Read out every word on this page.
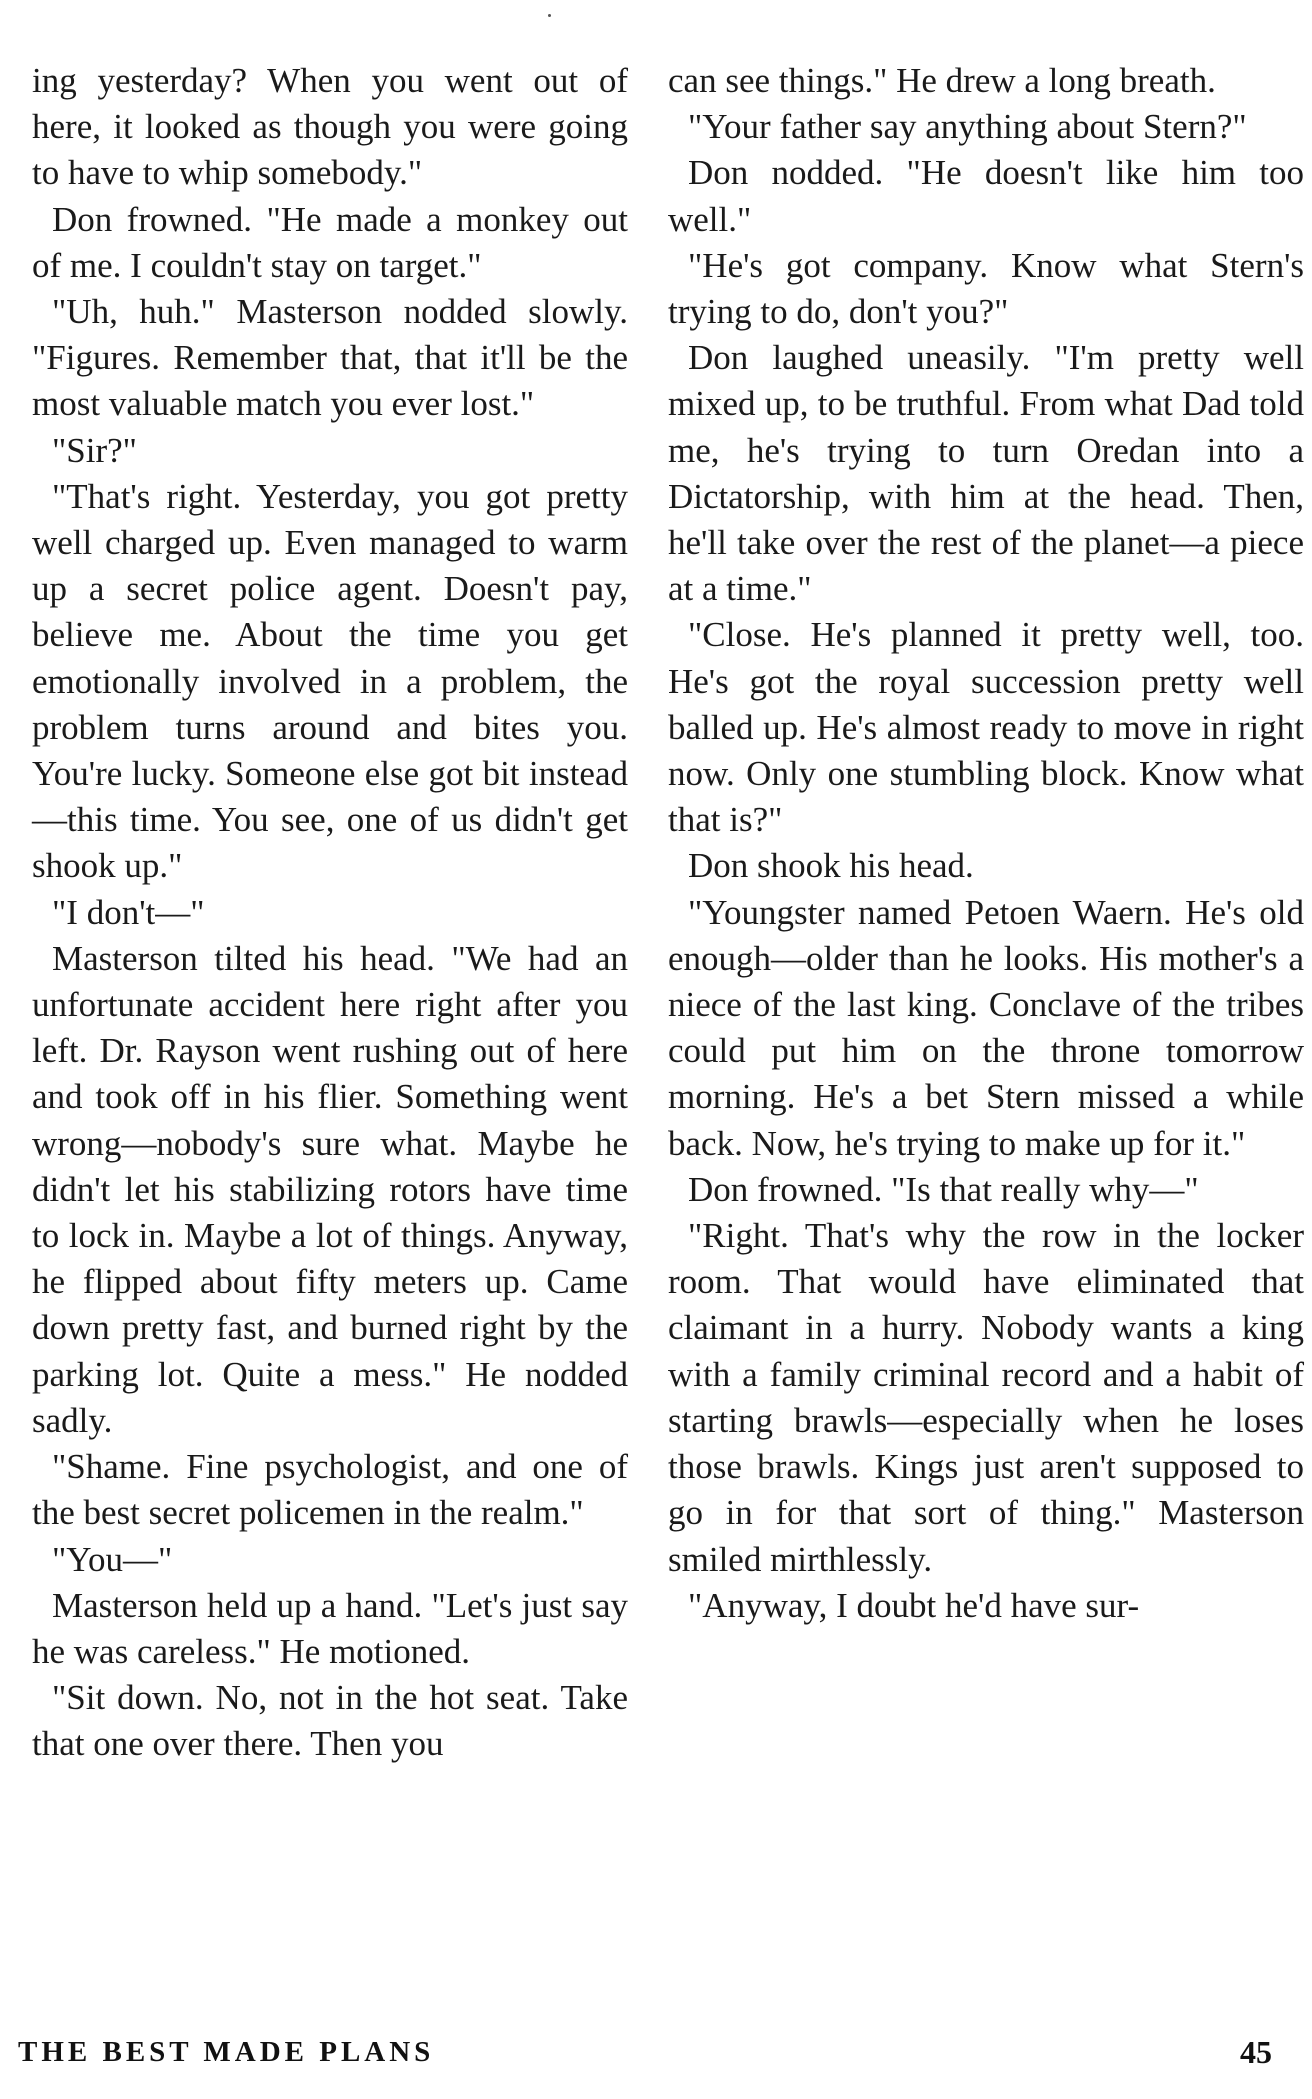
ing yesterday? When you went out of here, it looked as though you were going to have to whip somebody."

Don frowned. "He made a monkey out of me. I couldn't stay on target."

"Uh, huh." Masterson nodded slowly. "Figures. Remember that, that it'll be the most valuable match you ever lost."

"Sir?"

"That's right. Yesterday, you got pretty well charged up. Even managed to warm up a secret police agent. Doesn't pay, believe me. About the time you get emotionally involved in a problem, the problem turns around and bites you. You're lucky. Someone else got bit instead—this time. You see, one of us didn't get shook up."

"I don't—"

Masterson tilted his head. "We had an unfortunate accident here right after you left. Dr. Rayson went rushing out of here and took off in his flier. Something went wrong—nobody's sure what. Maybe he didn't let his stabilizing rotors have time to lock in. Maybe a lot of things. Anyway, he flipped about fifty meters up. Came down pretty fast, and burned right by the parking lot. Quite a mess." He nodded sadly.

"Shame. Fine psychologist, and one of the best secret policemen in the realm."

"You—"

Masterson held up a hand. "Let's just say he was careless." He motioned.

"Sit down. No, not in the hot seat. Take that one over there. Then you

can see things." He drew a long breath.

"Your father say anything about Stern?"

Don nodded. "He doesn't like him too well."

"He's got company. Know what Stern's trying to do, don't you?"

Don laughed uneasily. "I'm pretty well mixed up, to be truthful. From what Dad told me, he's trying to turn Oredan into a Dictatorship, with him at the head. Then, he'll take over the rest of the planet—a piece at a time."

"Close. He's planned it pretty well, too. He's got the royal succession pretty well balled up. He's almost ready to move in right now. Only one stumbling block. Know what that is?"

Don shook his head.

"Youngster named Petoen Waern. He's old enough—older than he looks. His mother's a niece of the last king. Conclave of the tribes could put him on the throne tomorrow morning. He's a bet Stern missed a while back. Now, he's trying to make up for it."

Don frowned. "Is that really why—"

"Right. That's why the row in the locker room. That would have eliminated that claimant in a hurry. Nobody wants a king with a family criminal record and a habit of starting brawls—especially when he loses those brawls. Kings just aren't supposed to go in for that sort of thing." Masterson smiled mirthlessly.

"Anyway, I doubt he'd have sur-

THE BEST MADE PLANS	45
